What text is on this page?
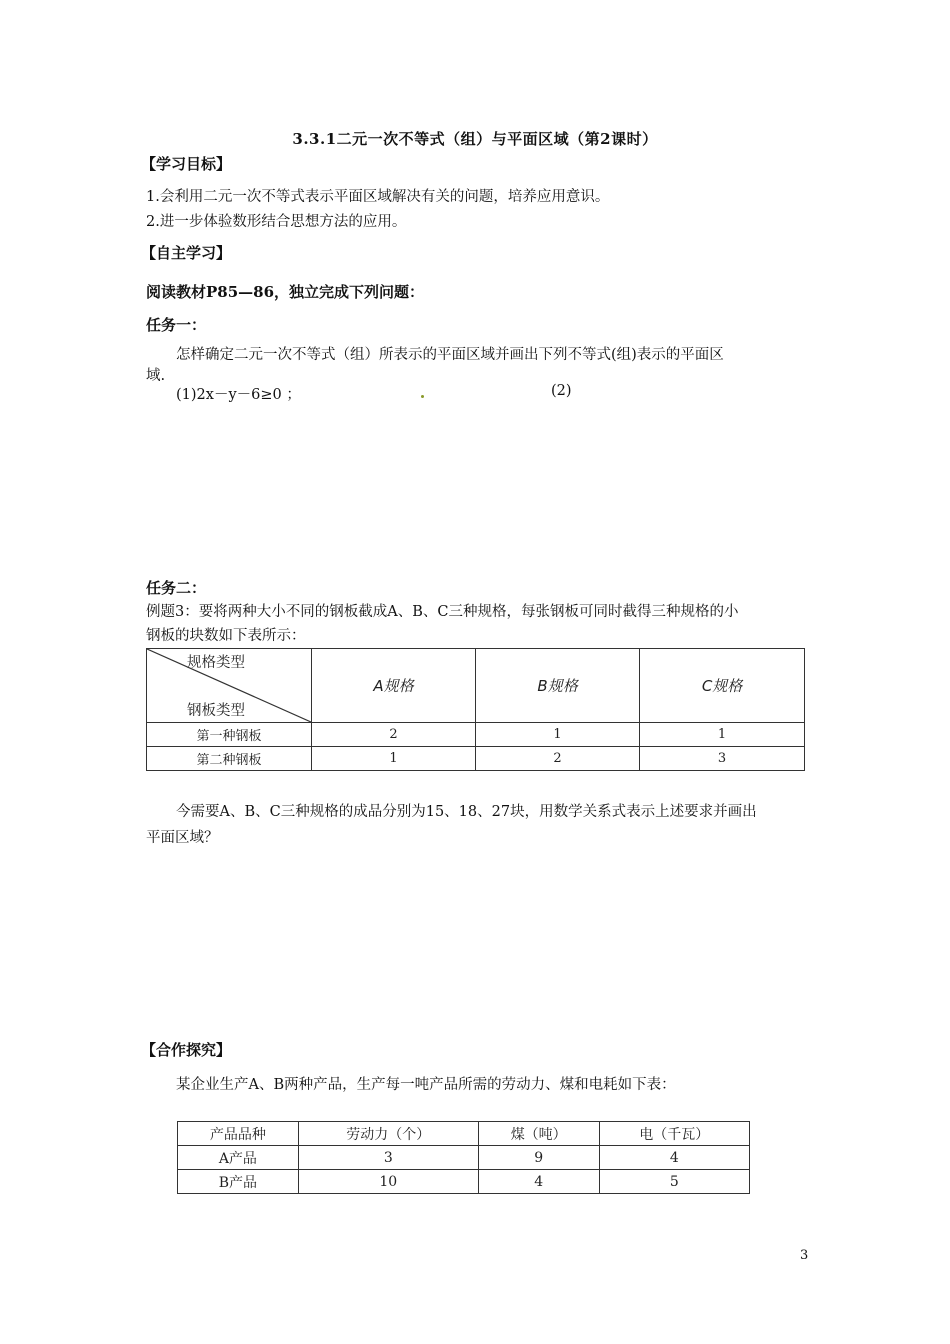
3.3.1二元一次不等式（组）与平面区域（第2课时）
【学习目标】
1.会利用二元一次不等式表示平面区域解决有关的问题，培养应用意识。
2.进一步体验数形结合思想方法的应用。
【自主学习】
阅读教材P85—86，独立完成下列问题：
任务一：
怎样确定二元一次不等式（组）所表示的平面区域并画出下列不等式(组)表示的平面区
域.
(1)2x－y－6≥0 ；	(2)
任务二：
例题3：要将两种大小不同的钢板截成A、B、C三种规格，每张钢板可同时截得三种规格的小
钢板的块数如下表所示：
规格类型
钢板类型	A规格	B规格	C规格
第一种钢板	2	1	1
第二种钢板	1	2	3
今需要A、B、C三种规格的成品分别为15、18、27块，用数学关系式表示上述要求并画出
平面区域？
【合作探究】
某企业生产A、B两种产品，生产每一吨产品所需的劳动力、煤和电耗如下表：
产品品种	劳动力（个）	煤（吨）	电（千瓦）
A产品	3	9	4
B产品	10	4	5
3
